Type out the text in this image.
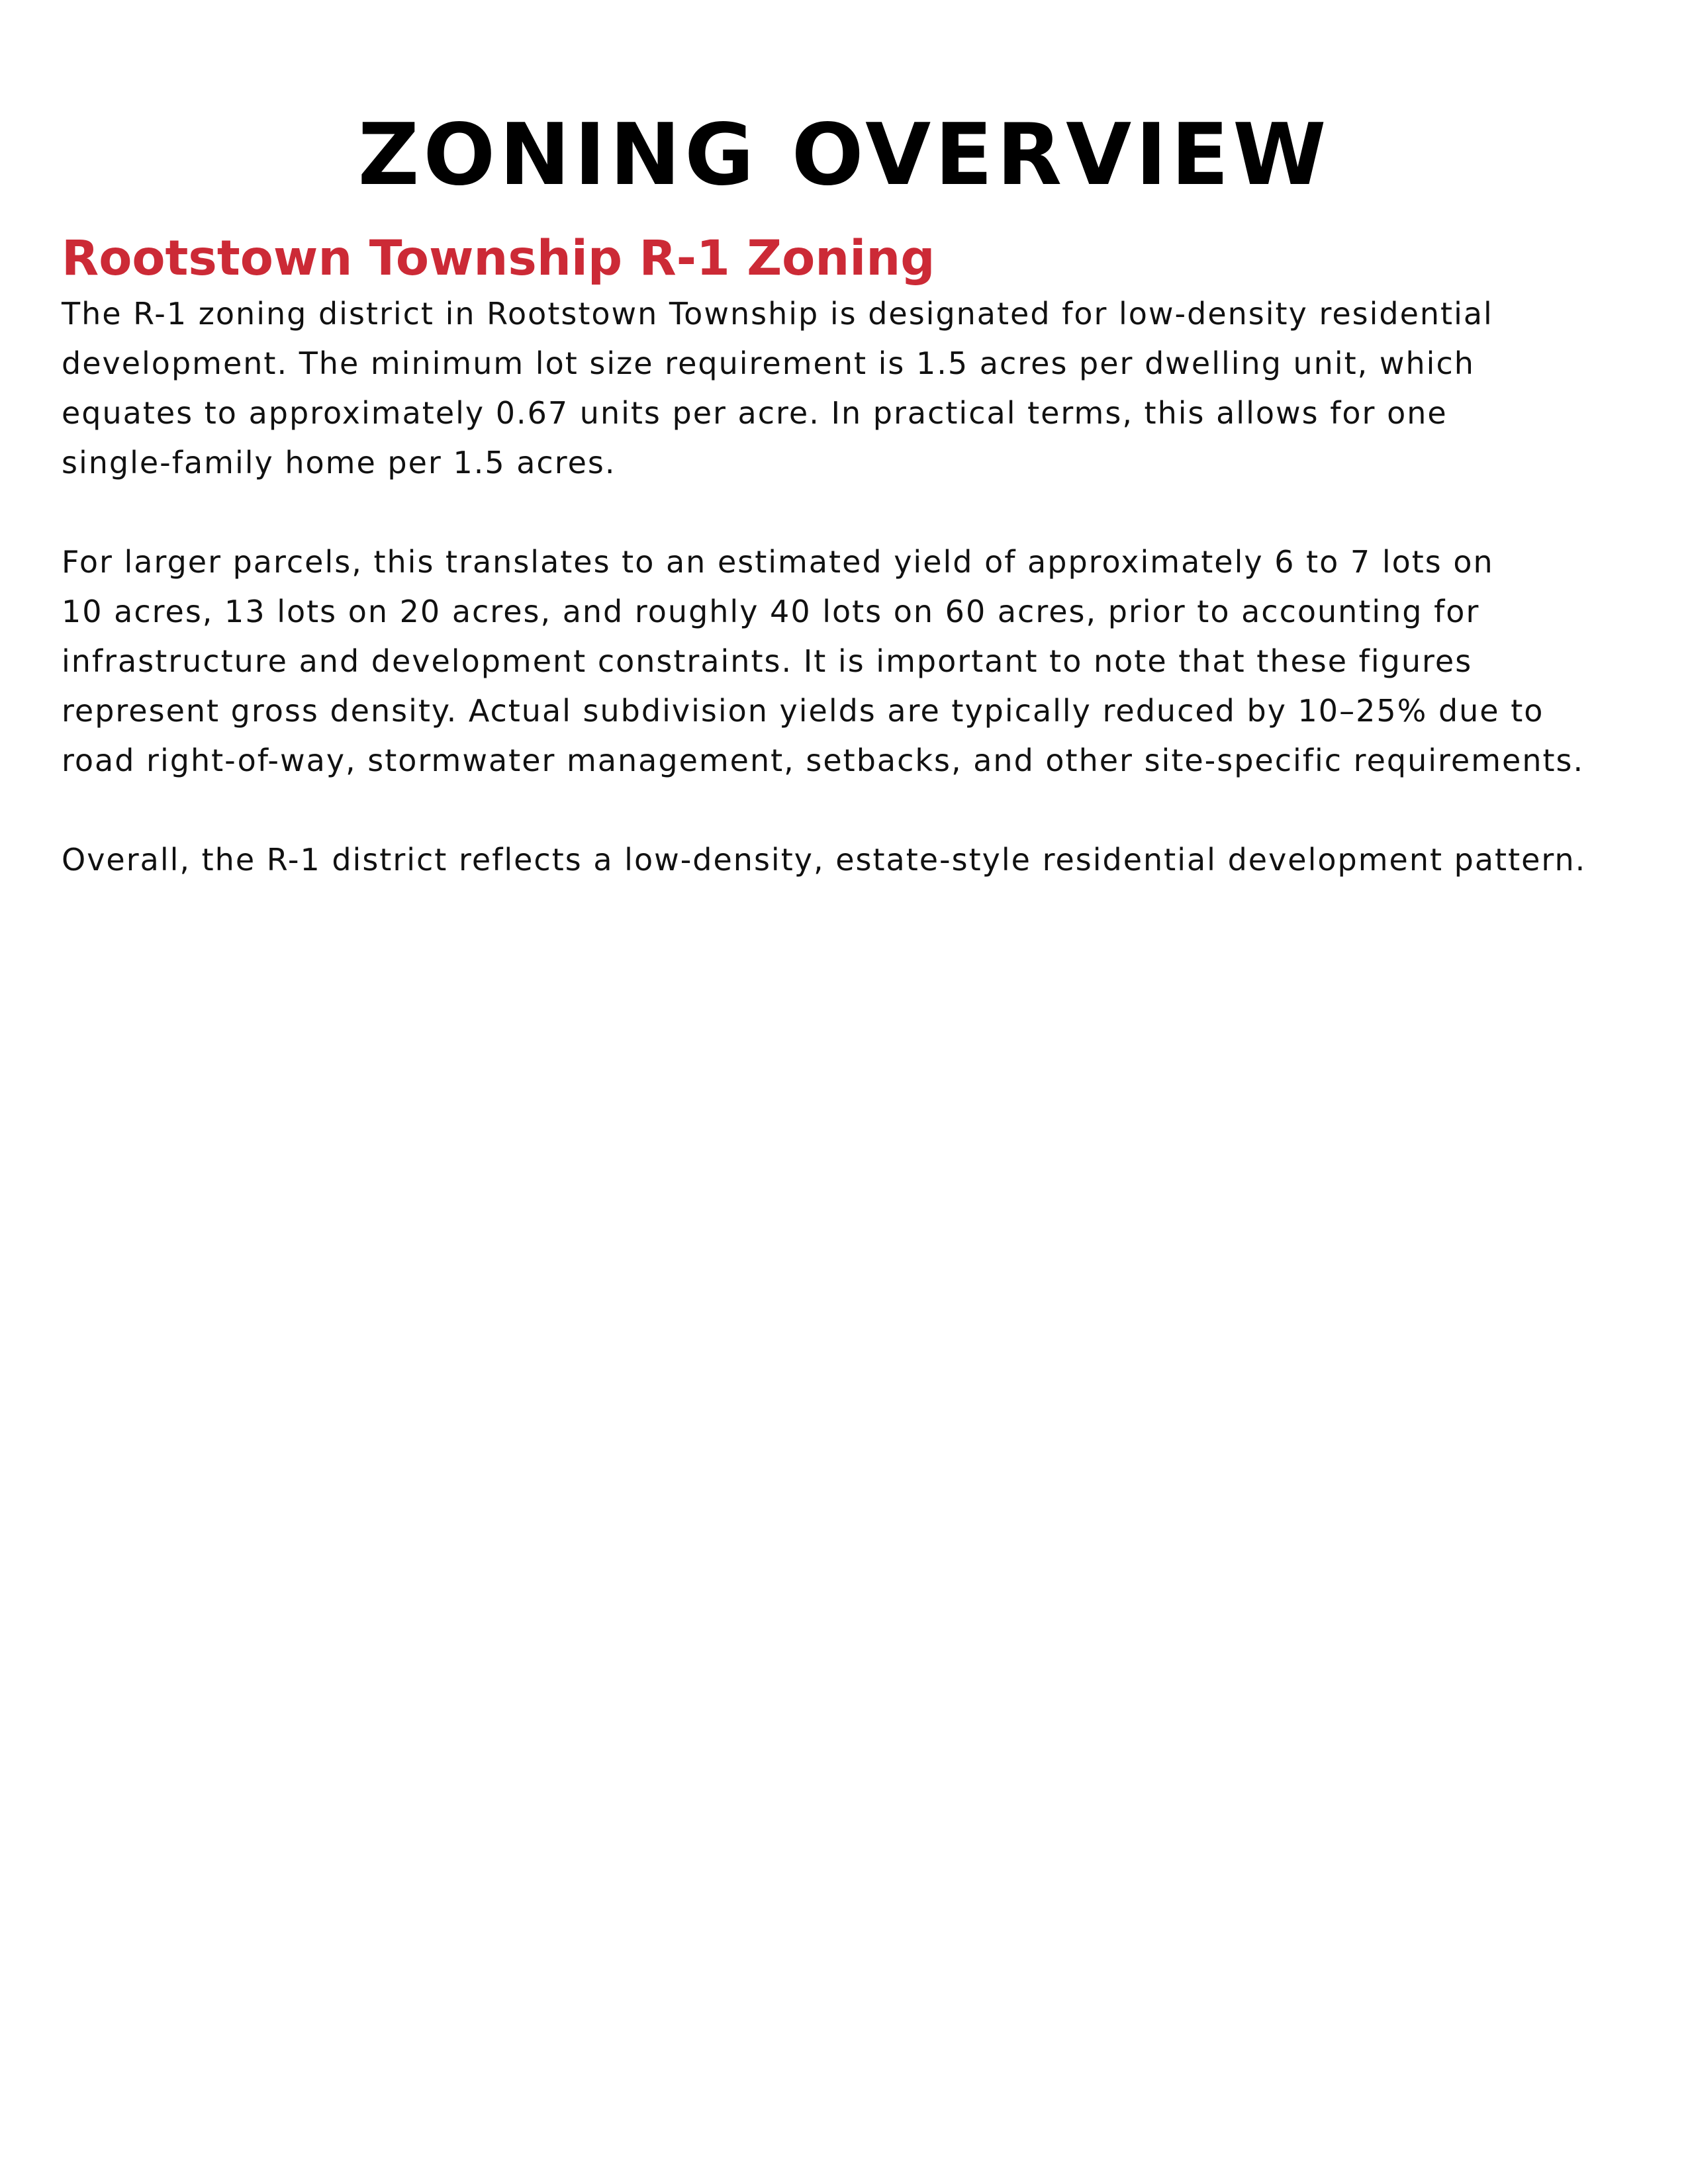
ZONING OVERVIEW
Rootstown Township R-1 Zoning

The R-1 zoning district in Rootstown Township is designated for low-density residential
development. The minimum lot size requirement is 1.5 acres per dwelling unit, which
equates to approximately 0.67 units per acre. In practical terms, this allows for one
single-family home per 1.5 acres.

For larger parcels, this translates to an estimated yield of approximately 6 to 7 lots on
10 acres, 13 lots on 20 acres, and roughly 40 lots on 60 acres, prior to accounting for
infrastructure and development constraints. It is important to note that these figures
represent gross density. Actual subdivision yields are typically reduced by 10–25% due to
road right-of-way, stormwater management, setbacks, and other site-specific requirements.

Overall, the R-1 district reflects a low-density, estate-style residential development pattern.
